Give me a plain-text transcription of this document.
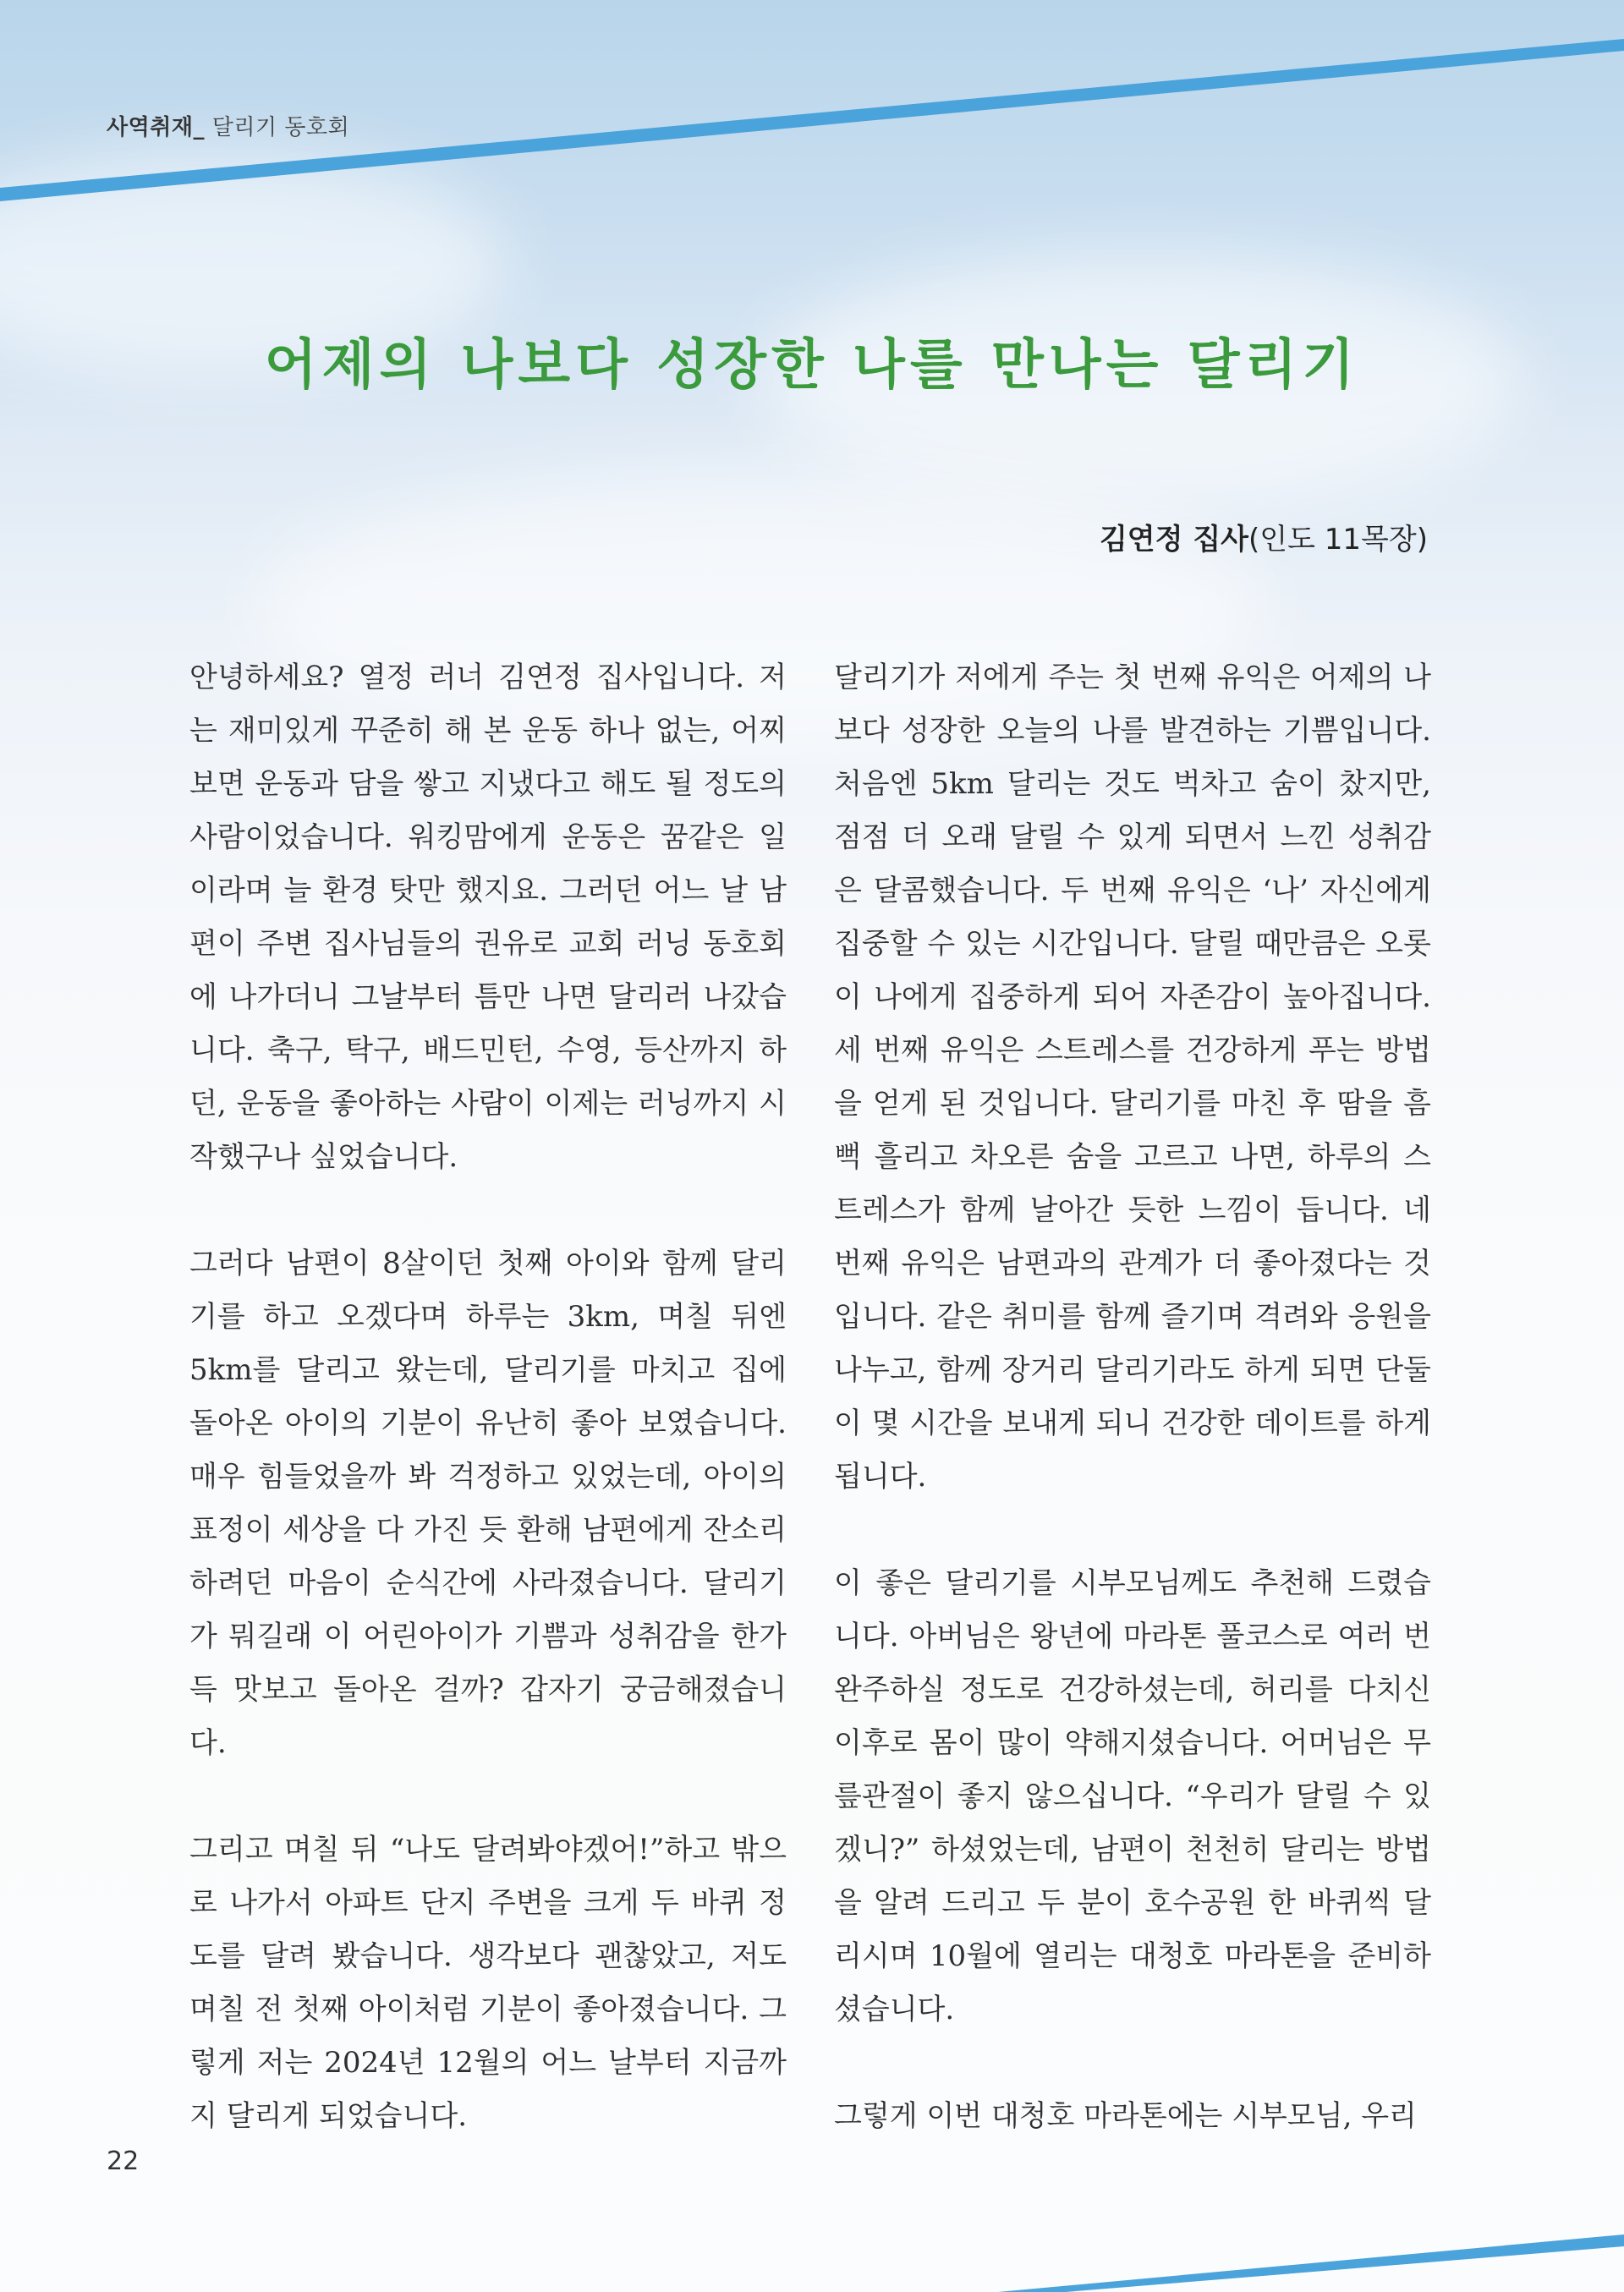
사역취재_ 달리기 동호회
어제의 나보다 성장한 나를 만나는 달리기
김연정 집사(인도 11목장)

안녕하세요? 열정 러너 김연정 집사입니다. 저는 재미있게 꾸준히 해 본 운동 하나 없는, 어찌 보면 운동과 담을 쌓고 지냈다고 해도 될 정도의 사람이었습니다. 워킹맘에게 운동은 꿈같은 일이라며 늘 환경 탓만 했지요. 그러던 어느 날 남편이 주변 집사님들의 권유로 교회 러닝 동호회에 나가더니 그날부터 틈만 나면 달리러 나갔습니다. 축구, 탁구, 배드민턴, 수영, 등산까지 하던, 운동을 좋아하는 사람이 이제는 러닝까지 시작했구나 싶었습니다.

그러다 남편이 8살이던 첫째 아이와 함께 달리기를 하고 오겠다며 하루는 3km, 며칠 뒤엔 5km를 달리고 왔는데, 달리기를 마치고 집에 돌아온 아이의 기분이 유난히 좋아 보였습니다. 매우 힘들었을까 봐 걱정하고 있었는데, 아이의 표정이 세상을 다 가진 듯 환해 남편에게 잔소리하려던 마음이 순식간에 사라졌습니다. 달리기가 뭐길래 이 어린아이가 기쁨과 성취감을 한가득 맛보고 돌아온 걸까? 갑자기 궁금해졌습니다.

그리고 며칠 뒤 “나도 달려봐야겠어!”하고 밖으로 나가서 아파트 단지 주변을 크게 두 바퀴 정도를 달려 봤습니다. 생각보다 괜찮았고, 저도 며칠 전 첫째 아이처럼 기분이 좋아졌습니다. 그렇게 저는 2024년 12월의 어느 날부터 지금까지 달리게 되었습니다.

달리기가 저에게 주는 첫 번째 유익은 어제의 나보다 성장한 오늘의 나를 발견하는 기쁨입니다. 처음엔 5km 달리는 것도 벅차고 숨이 찼지만, 점점 더 오래 달릴 수 있게 되면서 느낀 성취감은 달콤했습니다. 두 번째 유익은 ‘나’ 자신에게 집중할 수 있는 시간입니다. 달릴 때만큼은 오롯이 나에게 집중하게 되어 자존감이 높아집니다. 세 번째 유익은 스트레스를 건강하게 푸는 방법을 얻게 된 것입니다. 달리기를 마친 후 땀을 흠뻑 흘리고 차오른 숨을 고르고 나면, 하루의 스트레스가 함께 날아간 듯한 느낌이 듭니다. 네 번째 유익은 남편과의 관계가 더 좋아졌다는 것입니다. 같은 취미를 함께 즐기며 격려와 응원을 나누고, 함께 장거리 달리기라도 하게 되면 단둘이 몇 시간을 보내게 되니 건강한 데이트를 하게 됩니다.

이 좋은 달리기를 시부모님께도 추천해 드렸습니다. 아버님은 왕년에 마라톤 풀코스로 여러 번 완주하실 정도로 건강하셨는데, 허리를 다치신 이후로 몸이 많이 약해지셨습니다. 어머님은 무릎관절이 좋지 않으십니다. “우리가 달릴 수 있겠니?” 하셨었는데, 남편이 천천히 달리는 방법을 알려 드리고 두 분이 호수공원 한 바퀴씩 달리시며 10월에 열리는 대청호 마라톤을 준비하셨습니다.

그렇게 이번 대청호 마라톤에는 시부모님, 우리

22
